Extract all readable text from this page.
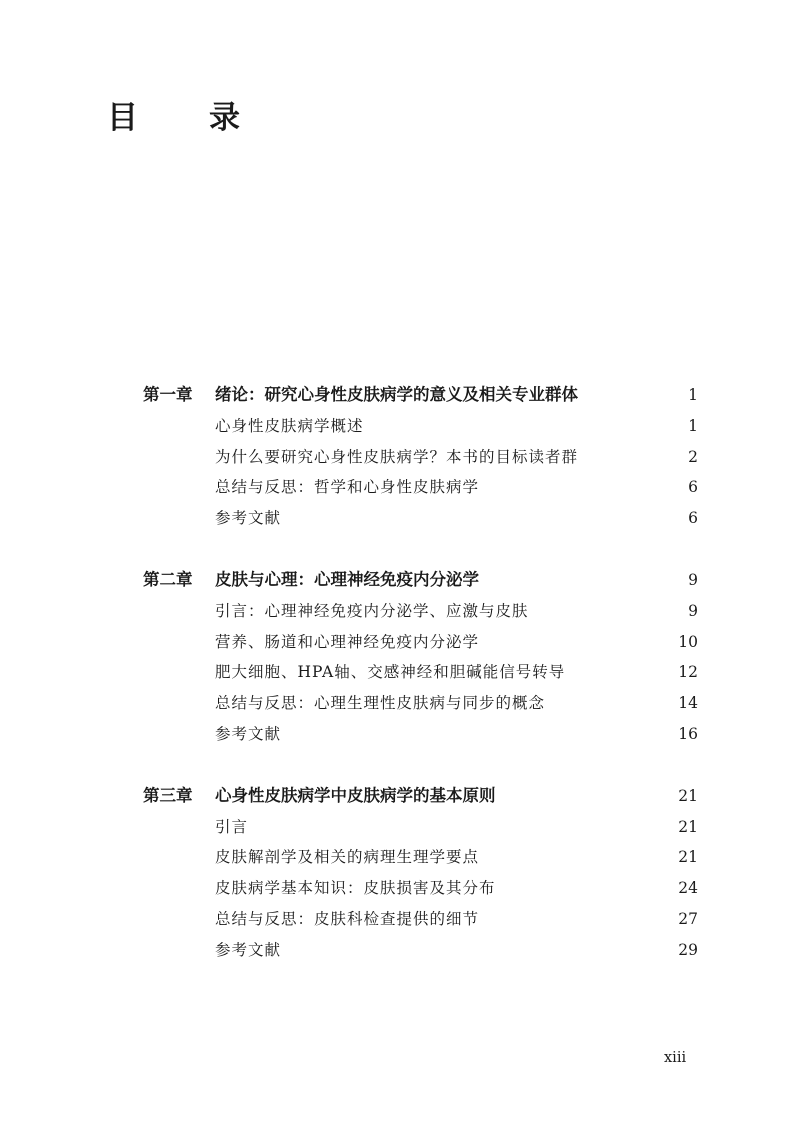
目　录
第一章	绪论：研究心身性皮肤病学的意义及相关专业群体	1
心身性皮肤病学概述	1
为什么要研究心身性皮肤病学？本书的目标读者群	2
总结与反思：哲学和心身性皮肤病学	6
参考文献	6
第二章	皮肤与心理：心理神经免疫内分泌学	9
引言：心理神经免疫内分泌学、应激与皮肤	9
营养、肠道和心理神经免疫内分泌学	10
肥大细胞、HPA轴、交感神经和胆碱能信号转导	12
总结与反思：心理生理性皮肤病与同步的概念	14
参考文献	16
第三章	心身性皮肤病学中皮肤病学的基本原则	21
引言	21
皮肤解剖学及相关的病理生理学要点	21
皮肤病学基本知识：皮肤损害及其分布	24
总结与反思：皮肤科检查提供的细节	27
参考文献	29
xiii
